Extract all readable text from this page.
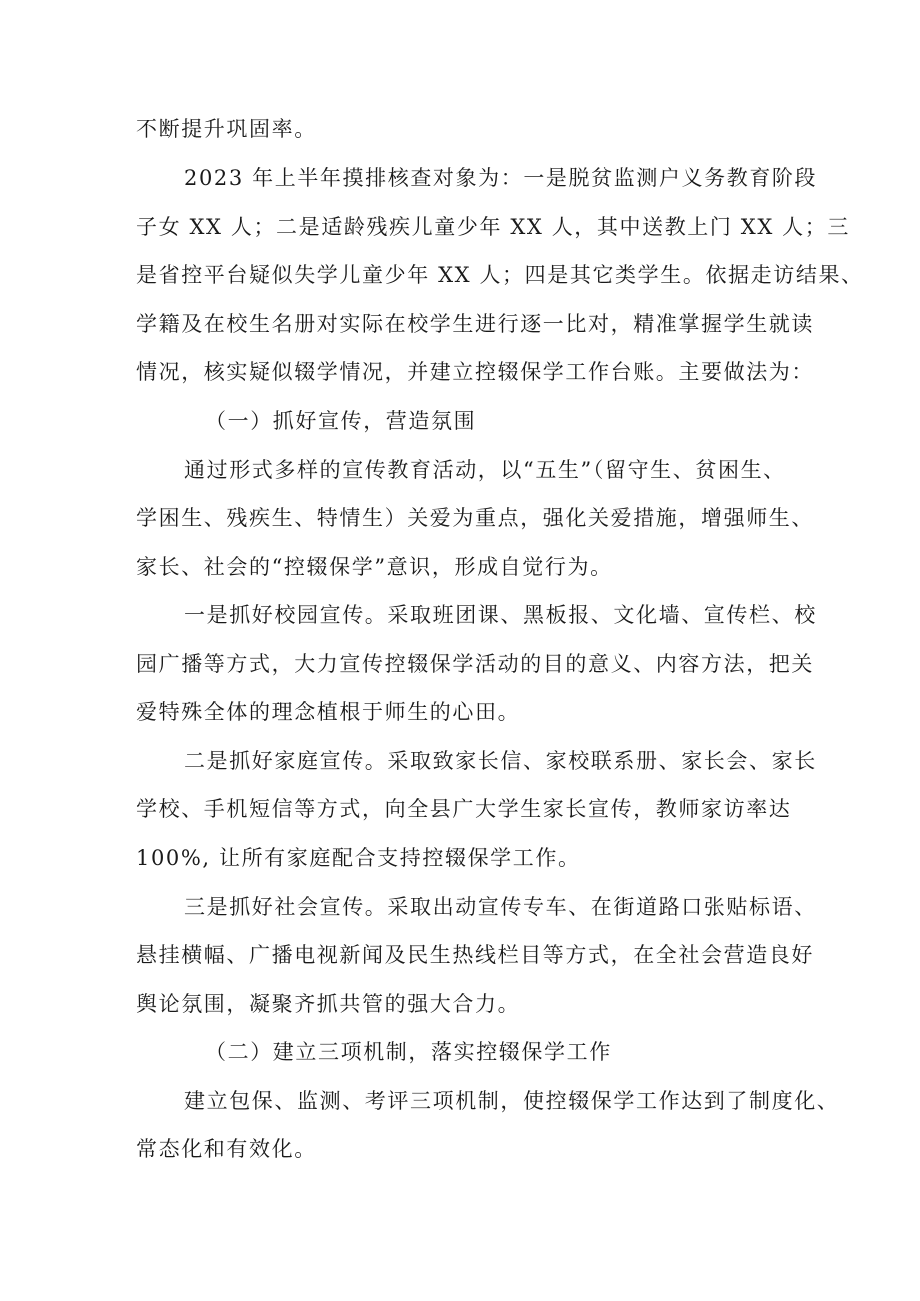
不断提升巩固率。

2023 年上半年摸排核查对象为：一是脱贫监测户义务教育阶段

子女 XX 人；二是适龄残疾儿童少年 XX 人，其中送教上门 XX 人；三

是省控平台疑似失学儿童少年 XX 人；四是其它类学生。依据走访结果、

学籍及在校生名册对实际在校学生进行逐一比对，精准掌握学生就读

情况，核实疑似辍学情况，并建立控辍保学工作台账。主要做法为：

（一）抓好宣传，营造氛围

通过形式多样的宣传教育活动，以“五生”（留守生、贫困生、

学困生、残疾生、特情生）关爱为重点，强化关爱措施，增强师生、

家长、社会的“控辍保学”意识，形成自觉行为。

一是抓好校园宣传。采取班团课、黑板报、文化墙、宣传栏、校

园广播等方式，大力宣传控辍保学活动的目的意义、内容方法，把关

爱特殊全体的理念植根于师生的心田。

二是抓好家庭宣传。采取致家长信、家校联系册、家长会、家长

学校、手机短信等方式，向全县广大学生家长宣传，教师家访率达

100%, 让所有家庭配合支持控辍保学工作。

三是抓好社会宣传。采取出动宣传专车、在街道路口张贴标语、

悬挂横幅、广播电视新闻及民生热线栏目等方式，在全社会营造良好

舆论氛围，凝聚齐抓共管的强大合力。

（二）建立三项机制，落实控辍保学工作

建立包保、监测、考评三项机制，使控辍保学工作达到了制度化、

常态化和有效化。
